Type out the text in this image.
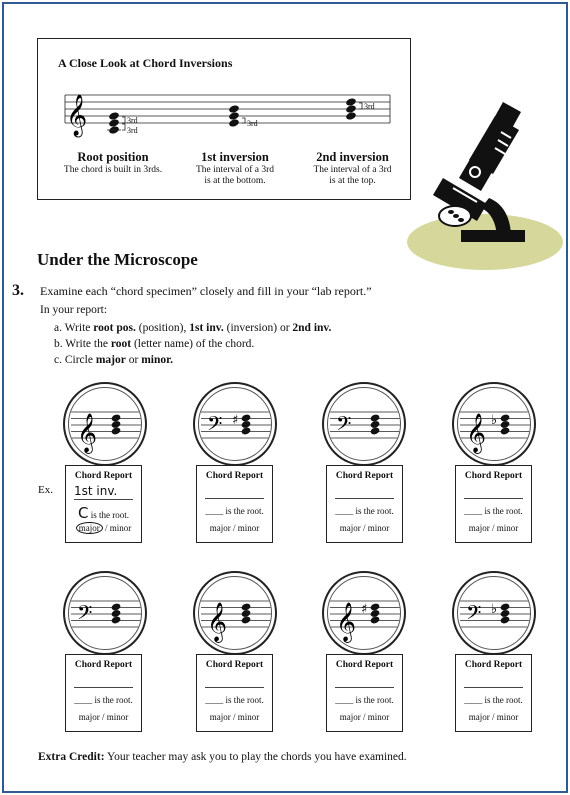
A Close Look at Chord Inversions
𝄞	3rd
3rd
3rd
3rd
Root position
The chord is built in 3rds.
1st inversion
The interval of a 3rd
is at the bottom.
2nd inversion
The interval of a 3rd
is at the top.
Under the Microscope
3. Examine each “chord specimen” closely and fill in your “lab report.”
In your report:
a. Write root pos. (position), 1st inv. (inversion) or 2nd inv.
b. Write the root (letter name) of the chord.
c. Circle major or minor.
Ex.
𝄞	𝄢 ♯	𝄢	𝄞 ♭
𝄢	𝄞	𝄞 ♯	𝄢 ♭
Chord Report
1st inv.
C is the root.
major / minor
Chord Report
____ is the root.
major / minor
Chord Report
____ is the root.
major / minor
Chord Report
____ is the root.
major / minor
Chord Report
____ is the root.
major / minor
Chord Report
____ is the root.
major / minor
Chord Report
____ is the root.
major / minor
Chord Report
____ is the root.
major / minor
Extra Credit: Your teacher may ask you to play the chords you have examined.
